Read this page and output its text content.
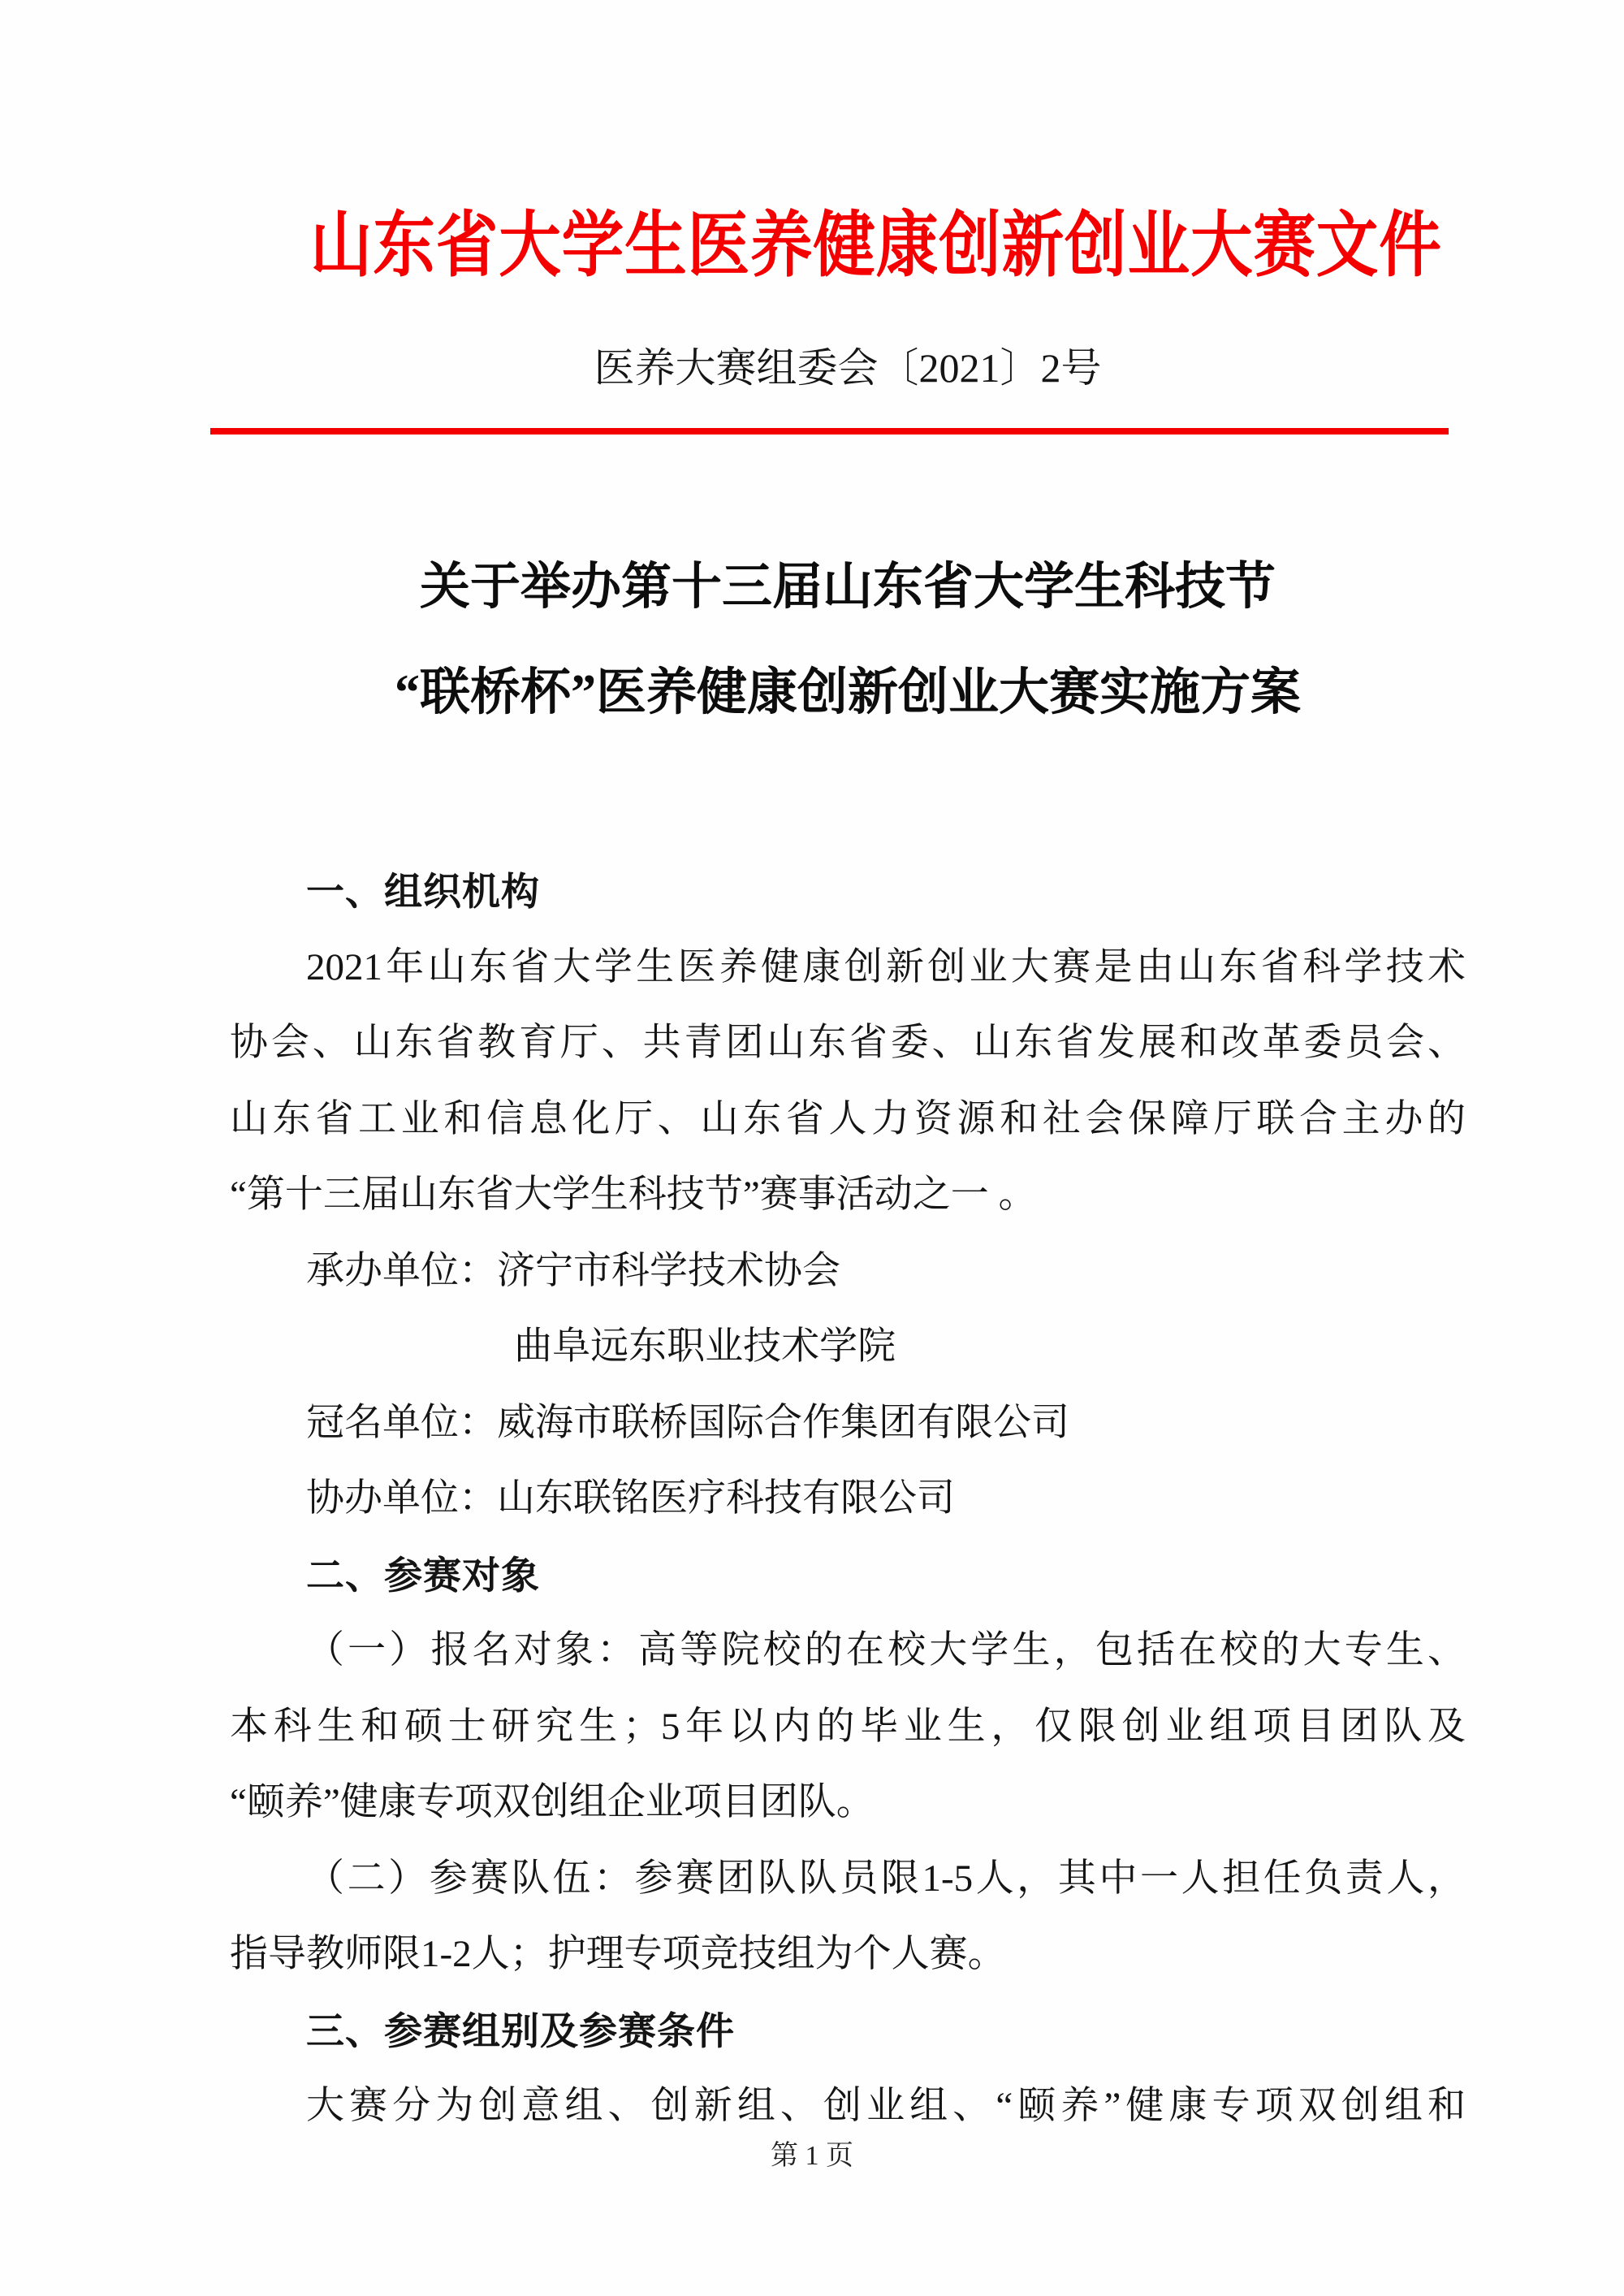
山东省大学生医养健康创新创业大赛文件
医养大赛组委会〔2021〕2号
关于举办第十三届山东省大学生科技节
“联桥杯”医养健康创新创业大赛实施方案
一、组织机构
2021年山东省大学生医养健康创新创业大赛是由山东省科学技术
协会、山东省教育厅、共青团山东省委、山东省发展和改革委员会、
山东省工业和信息化厅、山东省人力资源和社会保障厅联合主办的
“第十三届山东省大学生科技节”赛事活动之一 。
承办单位：济宁市科学技术协会
曲阜远东职业技术学院
冠名单位：威海市联桥国际合作集团有限公司
协办单位：山东联铭医疗科技有限公司
二、参赛对象
（一）报名对象：高等院校的在校大学生，包括在校的大专生、
本科生和硕士研究生；5年以内的毕业生，仅限创业组项目团队及
“颐养”健康专项双创组企业项目团队。
（二）参赛队伍：参赛团队队员限1-5人，其中一人担任负责人，
指导教师限1-2人；护理专项竞技组为个人赛。
三、参赛组别及参赛条件
大赛分为创意组、创新组、创业组、“颐养”健康专项双创组和
第 1 页
